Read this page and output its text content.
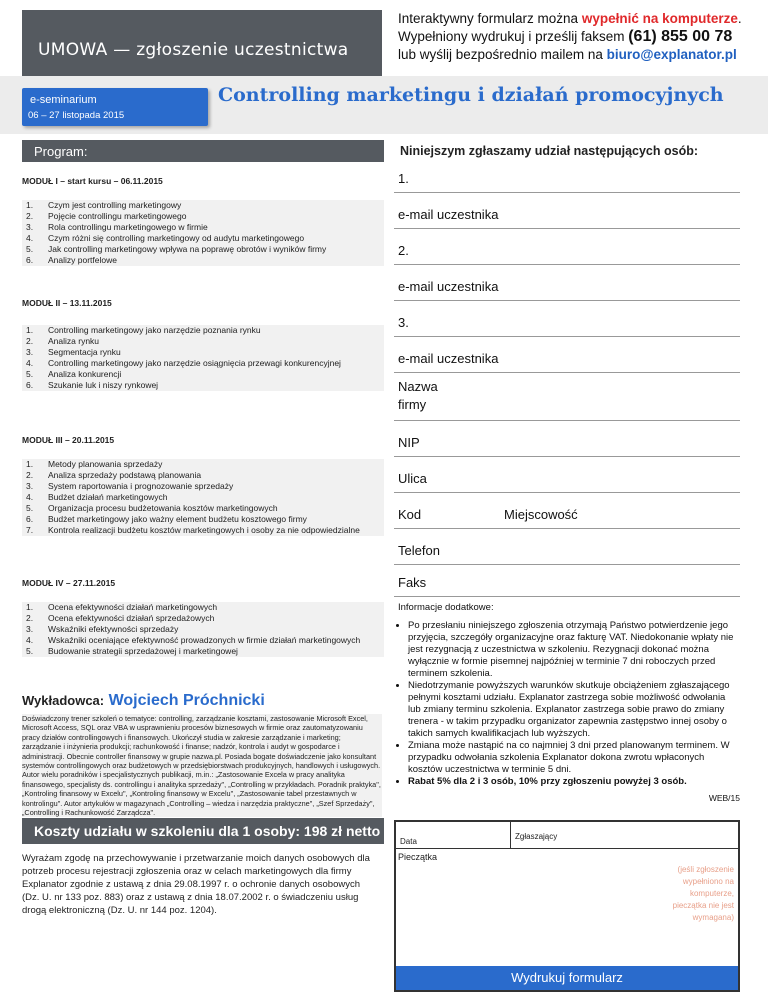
UMOWA — zgłoszenie uczestnictwa
Interaktywny formularz można wypełnić na komputerze.
Wypełniony wydrukuj i prześlij faksem (61) 855 00 78
lub wyślij bezpośrednio mailem na biuro@explanator.pl
e-seminarium
06 – 27 listopada 2015
Controlling marketingu i działań promocyjnych
Program:
MODUŁ I – start kursu – 06.11.2015
1.	Czym jest controlling marketingowy
2.	Pojęcie controllingu marketingowego
3.	Rola controllingu marketingowego w firmie
4.	Czym różni się controlling marketingowy od audytu marketingowego
5.	Jak controlling marketingowy wpływa na poprawę obrotów i wyników firmy
6.	Analizy portfelowe
MODUŁ II – 13.11.2015
1.	Controlling marketingowy jako narzędzie poznania rynku
2.	Analiza rynku
3.	Segmentacja rynku
4.	Controlling marketingowy jako narzędzie osiągnięcia przewagi konkurencyjnej
5.	Analiza konkurencji
6.	Szukanie luk i niszy rynkowej
MODUŁ III – 20.11.2015
1.	Metody planowania sprzedaży
2.	Analiza sprzedaży podstawą planowania
3.	System raportowania i prognozowanie sprzedaży
4.	Budżet działań marketingowych
5.	Organizacja procesu budżetowania kosztów marketingowych
6.	Budżet marketingowy jako ważny element budżetu kosztowego firmy
7.	Kontrola realizacji budżetu kosztów marketingowych i osoby za nie odpowiedzialne
MODUŁ IV – 27.11.2015
1.	Ocena efektywności działań marketingowych
2.	Ocena efektywności działań sprzedażowych
3.	Wskaźniki efektywności sprzedaży
4.	Wskaźniki oceniające efektywność prowadzonych w firmie działań marketingowych
5.	Budowanie strategii sprzedażowej i marketingowej
Wykładowca: Wojciech Próchnicki
Doświadczony trener szkoleń o tematyce: controlling, zarządzanie kosztami, zastosowanie Microsoft Excel, Microsoft Access, SQL oraz VBA w usprawnieniu procesów biznesowych w firmie oraz zautomatyzowaniu pracy działów controllingowych i finansowych. Ukończył studia w zakresie zarządzanie i marketing; zarządzanie i inżynieria produkcji; rachunkowość i finanse; nadzór, kontrola i audyt w gospodarce i administracji. Obecnie controller finansowy w grupie nazwa.pl. Posiada bogate doświadczenie jako konsultant systemów controllingowych oraz budżetowych w przedsiębiorstwach produkcyjnych, handlowych i usługowych. Autor wielu poradników i specjalistycznych publikacji, m.in.: „Zastosowanie Excela w pracy analityka finansowego, specjalisty ds. controllingu i analityka sprzedaży", „Controlling w przykładach. Poradnik praktyka", „Kontroling finansowy w Excelu", „Kontroling finansowy w Excelu", „Zastosowanie tabel przestawnych w kontrolingu". Autor artykułów w magazynach „Controlling – wiedza i narzędzia praktyczne", „Szef Sprzedaży", „Controlling i Rachunkowość Zarządcza".
Koszty udziału w szkoleniu dla 1 osoby: 198 zł netto
Wyrażam zgodę na przechowywanie i przetwarzanie moich danych osobowych dla potrzeb procesu rejestracji zgłoszenia oraz w celach marketingowych dla firmy Explanator zgodnie z ustawą z dnia 29.08.1997 r. o ochronie danych osobowych (Dz. U. nr 133 poz. 883) oraz z ustawą z dnia 18.07.2002 r. o świadczeniu usług drogą elektroniczną (Dz. U. nr 144 poz. 1204).
Niniejszym zgłaszamy udział następujących osób:
1.
e-mail uczestnika
2.
e-mail uczestnika
3.
e-mail uczestnika
Nazwa firmy
NIP
Ulica
Kod	Miejscowość
Telefon
Faks
Informacje dodatkowe:
• Po przesłaniu niniejszego zgłoszenia otrzymają Państwo potwierdzenie jego przyjęcia, szczegóły organizacyjne oraz fakturę VAT. Niedokonanie wpłaty nie jest rezygnacją z uczestnictwa w szkoleniu. Rezygnacji dokonać można wyłącznie w formie pisemnej najpóźniej w terminie 7 dni roboczych przed terminem szkolenia.
• Niedotrzymanie powyższych warunków skutkuje obciążeniem zgłaszającego pełnymi kosztami udziału. Explanator zastrzega sobie możliwość odwołania lub zmiany terminu szkolenia. Explanator zastrzega sobie prawo do zmiany trenera - w takim przypadku organizator zapewnia zastępstwo innej osoby o takich samych kwalifikacjach lub wyższych.
• Zmiana może nastąpić na co najmniej 3 dni przed planowanym terminem. W przypadku odwołania szkolenia Explanator dokona zwrotu wpłaconych kosztów uczestnictwa w terminie 5 dni.
• Rabat 5% dla 2 i 3 osób, 10% przy zgłoszeniu powyżej 3 osób.
WEB/15
Data
Zgłaszający
Pieczątka
(jeśli zgłoszenie wypełniono na komputerze, pieczątka nie jest wymagana)
Wydrukuj formularz
